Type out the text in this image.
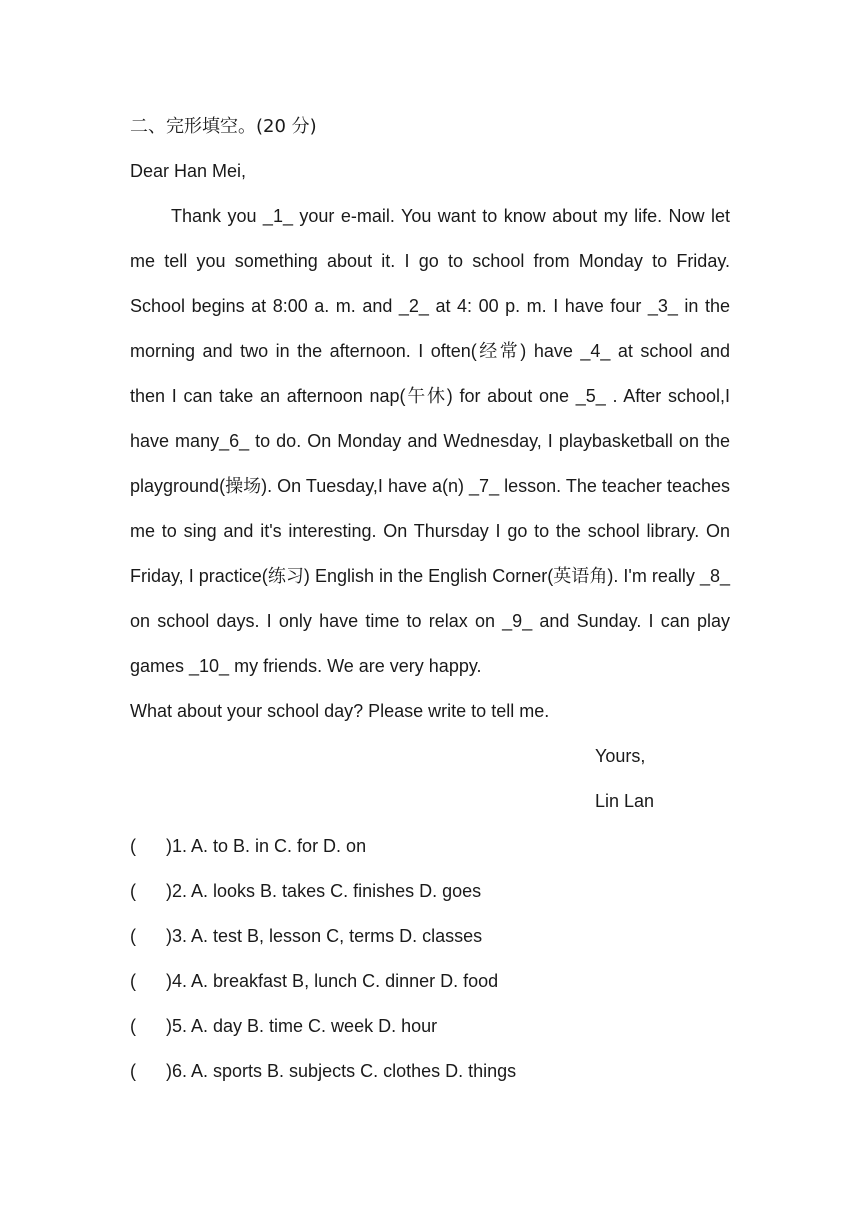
二、完形填空。(20 分)
Dear Han Mei,

Thank you _1_ your e-mail. You want to know about my life. Now let me tell you something about it. I go to school from Monday to Friday. School begins at 8:00 a. m. and _2_ at 4: 00 p. m. I have four _3_ in the morning and two in the afternoon. I often(经常) have _4_ at school and then I can take an afternoon nap(午休) for about one _5_ . After school,I have many_6_ to do. On Monday and Wednesday, I playbasketball on the playground(操场). On Tuesday,I have a(n) _7_ lesson. The teacher teaches me to sing and it's interesting. On Thursday I go to the school library. On Friday, I practice(练习) English in the English Corner(英语角). I'm really _8_ on school days. I only have time to relax on _9_ and Sunday. I can play games _10_ my friends. We are very happy.

What about your school day? Please write to tell me.
Yours,
Lin Lan
(	)1. A. to B. in C. for D. on
(	)2. A. looks B. takes C. finishes D. goes
(	)3. A. test B, lesson C, terms D. classes
(	)4. A. breakfast B, lunch C. dinner D. food
(	)5. A. day B. time C. week D. hour
(	)6. A. sports B. subjects C. clothes D. things
